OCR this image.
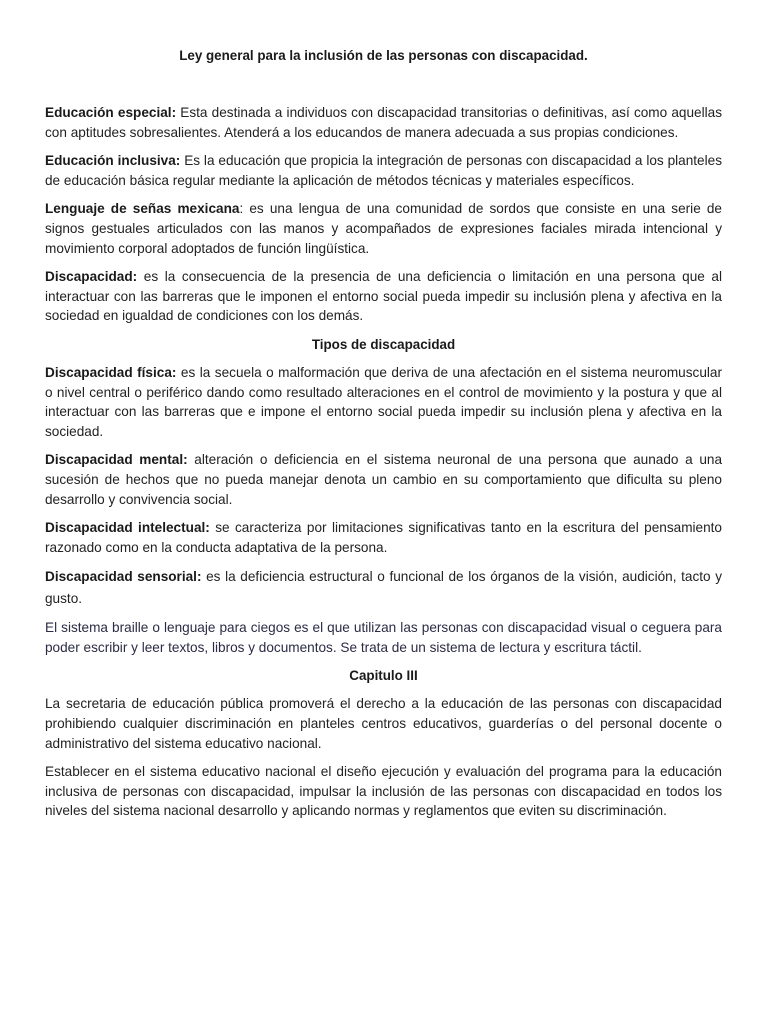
Ley general para la inclusión de las personas con discapacidad.

Educación especial: Esta destinada a individuos con discapacidad transitorias o definitivas, así como aquellas con aptitudes sobresalientes. Atenderá a los educandos de manera adecuada a sus propias condiciones.

Educación inclusiva: Es la educación que propicia la integración de personas con discapacidad a los planteles de educación básica regular mediante la aplicación de métodos técnicas y materiales específicos.

Lenguaje de señas mexicana: es una lengua de una comunidad de sordos que consiste en una serie de signos gestuales articulados con las manos y acompañados de expresiones faciales mirada intencional y movimiento corporal adoptados de función lingüística.

Discapacidad: es la consecuencia de la presencia de una deficiencia o limitación en una persona que al interactuar con las barreras que le imponen el entorno social pueda impedir su inclusión plena y afectiva en la sociedad en igualdad de condiciones con los demás.

Tipos de discapacidad

Discapacidad física: es la secuela o malformación que deriva de una afectación en el sistema neuromuscular o nivel central o periférico dando como resultado alteraciones en el control de movimiento y la postura y que al interactuar con las barreras que e impone el entorno social pueda impedir su inclusión plena y afectiva en la sociedad.

Discapacidad mental: alteración o deficiencia en el sistema neuronal de una persona que aunado a una sucesión de hechos que no pueda manejar denota un cambio en su comportamiento que dificulta su pleno desarrollo y convivencia social.

Discapacidad intelectual: se caracteriza por limitaciones significativas tanto en la escritura del pensamiento razonado como en la conducta adaptativa de la persona.

Discapacidad sensorial: es la deficiencia estructural o funcional de los órganos de la visión, audición, tacto y gusto.

El sistema braille o lenguaje para ciegos es el que utilizan las personas con discapacidad visual o ceguera para poder escribir y leer textos, libros y documentos. Se trata de un sistema de lectura y escritura táctil.

Capitulo III

La secretaria de educación pública promoverá el derecho a la educación de las personas con discapacidad prohibiendo cualquier discriminación en planteles centros educativos, guarderías o del personal docente o administrativo del sistema educativo nacional.

Establecer en el sistema educativo nacional el diseño ejecución y evaluación del programa para la educación inclusiva de personas con discapacidad, impulsar la inclusión de las personas con discapacidad en todos los niveles del sistema nacional desarrollo y aplicando normas y reglamentos que eviten su discriminación.
